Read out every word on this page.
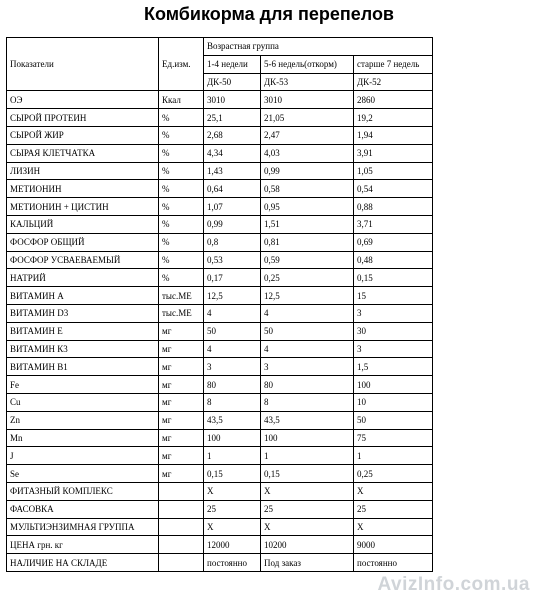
Комбикорма для перепелов
Показатели	Ед.изм.	Возрастная группа		
		1-4 недели	5-6 недель(откорм)	старше 7 недель
		ДК-50	ДК-53	ДК-52
ОЭ	Ккал	3010	3010	2860
СЫРОЙ ПРОТЕИН	%	25,1	21,05	19,2
СЫРОЙ ЖИР	%	2,68	2,47	1,94
СЫРАЯ КЛЕТЧАТКА	%	4,34	4,03	3,91
ЛИЗИН	%	1,43	0,99	1,05
МЕТИОНИН	%	0,64	0,58	0,54
МЕТИОНИН + ЦИСТИН	%	1,07	0,95	0,88
КАЛЬЦИЙ	%	0,99	1,51	3,71
ФОСФОР ОБЩИЙ	%	0,8	0,81	0,69
ФОСФОР УСВАЕВАЕМЫЙ	%	0,53	0,59	0,48
НАТРИЙ	%	0,17	0,25	0,15
ВИТАМИН А	тыс.МЕ	12,5	12,5	15
ВИТАМИН D3	тыс.МЕ	4	4	3
ВИТАМИН Е	мг	50	50	30
ВИТАМИН К3	мг	4	4	3
ВИТАМИН В1	мг	3	3	1,5
Fe	мг	80	80	100
Cu	мг	8	8	10
Zn	мг	43,5	43,5	50
Mn	мг	100	100	75
J	мг	1	1	1
Se	мг	0,15	0,15	0,25
ФИТАЗНЫЙ КОМПЛЕКС		X	X	X
ФАСОВКА		25	25	25
МУЛЬТИЭНЗИМНАЯ ГРУППА		X	X	X
ЦЕНА грн. кг		12000	10200	9000
НАЛИЧИЕ НА СКЛАДЕ		постоянно	Под заказ	постоянно
AvizInfo.com.ua
